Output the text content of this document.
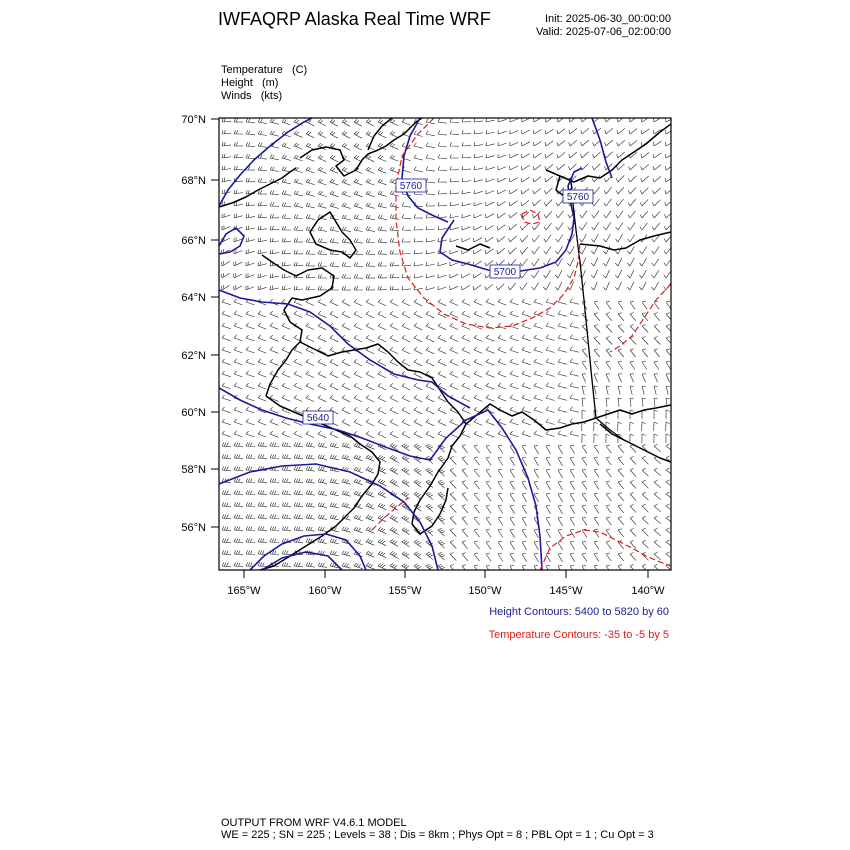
IWFAQRP Alaska Real Time WRF	Init: 2025-06-30_00:00:00
Valid: 2025-07-06_02:00:00
Temperature (C)
Height (m)
Winds (kts)
5760
5760
5700
5640
70°N
68°N
66°N
64°N
62°N
60°N
58°N
56°N
165°W	160°W	155°W	150°W	145°W	140°W
Height Contours: 5400 to 5820 by 60
Temperature Contours: -35 to -5 by 5
OUTPUT FROM WRF V4.6.1 MODEL
WE = 225 ; SN = 225 ; Levels = 38 ; Dis = 8km ; Phys Opt = 8 ; PBL Opt = 1 ; Cu Opt = 3
